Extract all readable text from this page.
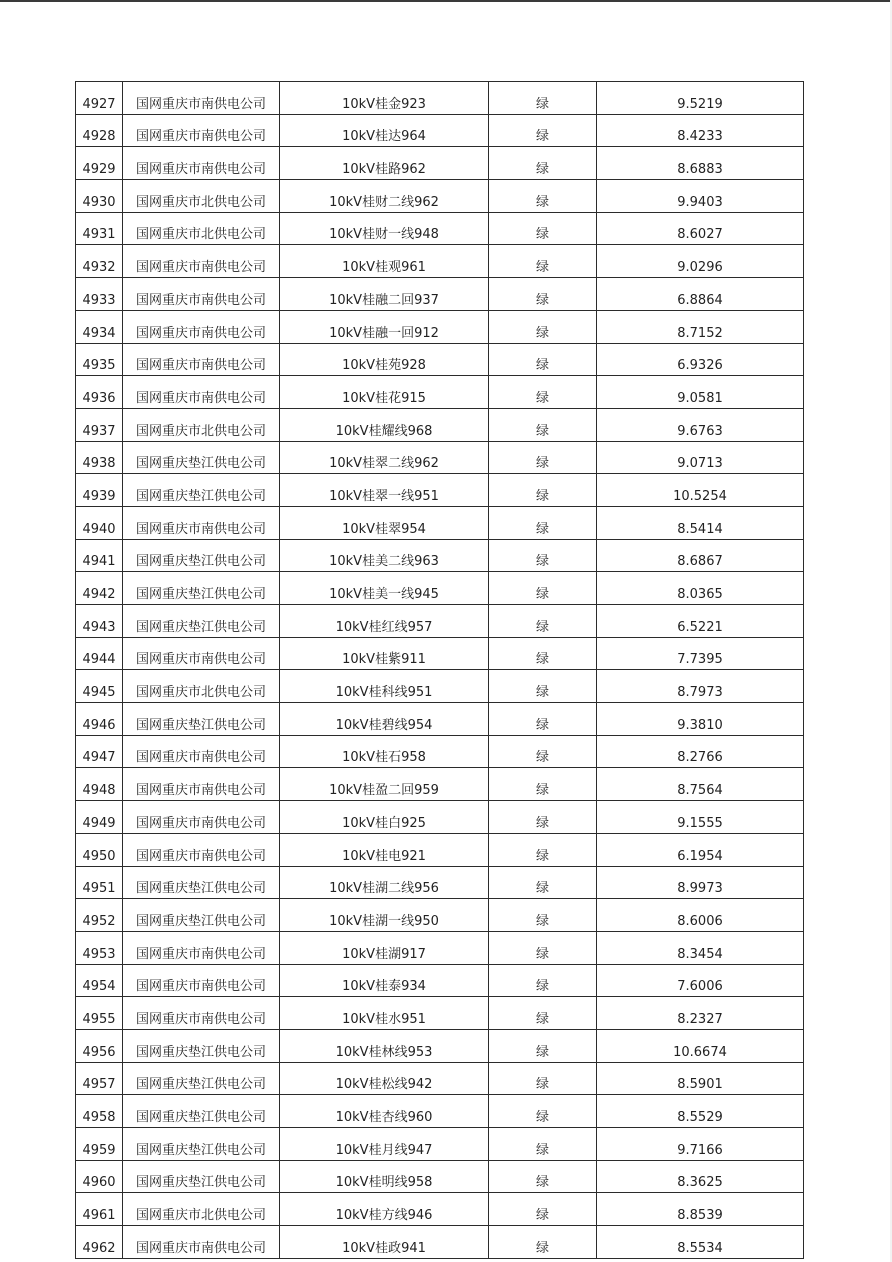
4927	国网重庆市南供电公司	10kV桂金923	绿	9.5219
4928	国网重庆市南供电公司	10kV桂达964	绿	8.4233
4929	国网重庆市南供电公司	10kV桂路962	绿	8.6883
4930	国网重庆市北供电公司	10kV桂财二线962	绿	9.9403
4931	国网重庆市北供电公司	10kV桂财一线948	绿	8.6027
4932	国网重庆市南供电公司	10kV桂观961	绿	9.0296
4933	国网重庆市南供电公司	10kV桂融二回937	绿	6.8864
4934	国网重庆市南供电公司	10kV桂融一回912	绿	8.7152
4935	国网重庆市南供电公司	10kV桂苑928	绿	6.9326
4936	国网重庆市南供电公司	10kV桂花915	绿	9.0581
4937	国网重庆市北供电公司	10kV桂耀线968	绿	9.6763
4938	国网重庆垫江供电公司	10kV桂翠二线962	绿	9.0713
4939	国网重庆垫江供电公司	10kV桂翠一线951	绿	10.5254
4940	国网重庆市南供电公司	10kV桂翠954	绿	8.5414
4941	国网重庆垫江供电公司	10kV桂美二线963	绿	8.6867
4942	国网重庆垫江供电公司	10kV桂美一线945	绿	8.0365
4943	国网重庆垫江供电公司	10kV桂红线957	绿	6.5221
4944	国网重庆市南供电公司	10kV桂紫911	绿	7.7395
4945	国网重庆市北供电公司	10kV桂科线951	绿	8.7973
4946	国网重庆垫江供电公司	10kV桂碧线954	绿	9.3810
4947	国网重庆市南供电公司	10kV桂石958	绿	8.2766
4948	国网重庆市南供电公司	10kV桂盈二回959	绿	8.7564
4949	国网重庆市南供电公司	10kV桂白925	绿	9.1555
4950	国网重庆市南供电公司	10kV桂电921	绿	6.1954
4951	国网重庆垫江供电公司	10kV桂湖二线956	绿	8.9973
4952	国网重庆垫江供电公司	10kV桂湖一线950	绿	8.6006
4953	国网重庆市南供电公司	10kV桂湖917	绿	8.3454
4954	国网重庆市南供电公司	10kV桂泰934	绿	7.6006
4955	国网重庆市南供电公司	10kV桂水951	绿	8.2327
4956	国网重庆垫江供电公司	10kV桂林线953	绿	10.6674
4957	国网重庆垫江供电公司	10kV桂松线942	绿	8.5901
4958	国网重庆垫江供电公司	10kV桂杏线960	绿	8.5529
4959	国网重庆垫江供电公司	10kV桂月线947	绿	9.7166
4960	国网重庆垫江供电公司	10kV桂明线958	绿	8.3625
4961	国网重庆市北供电公司	10kV桂方线946	绿	8.8539
4962	国网重庆市南供电公司	10kV桂政941	绿	8.5534
